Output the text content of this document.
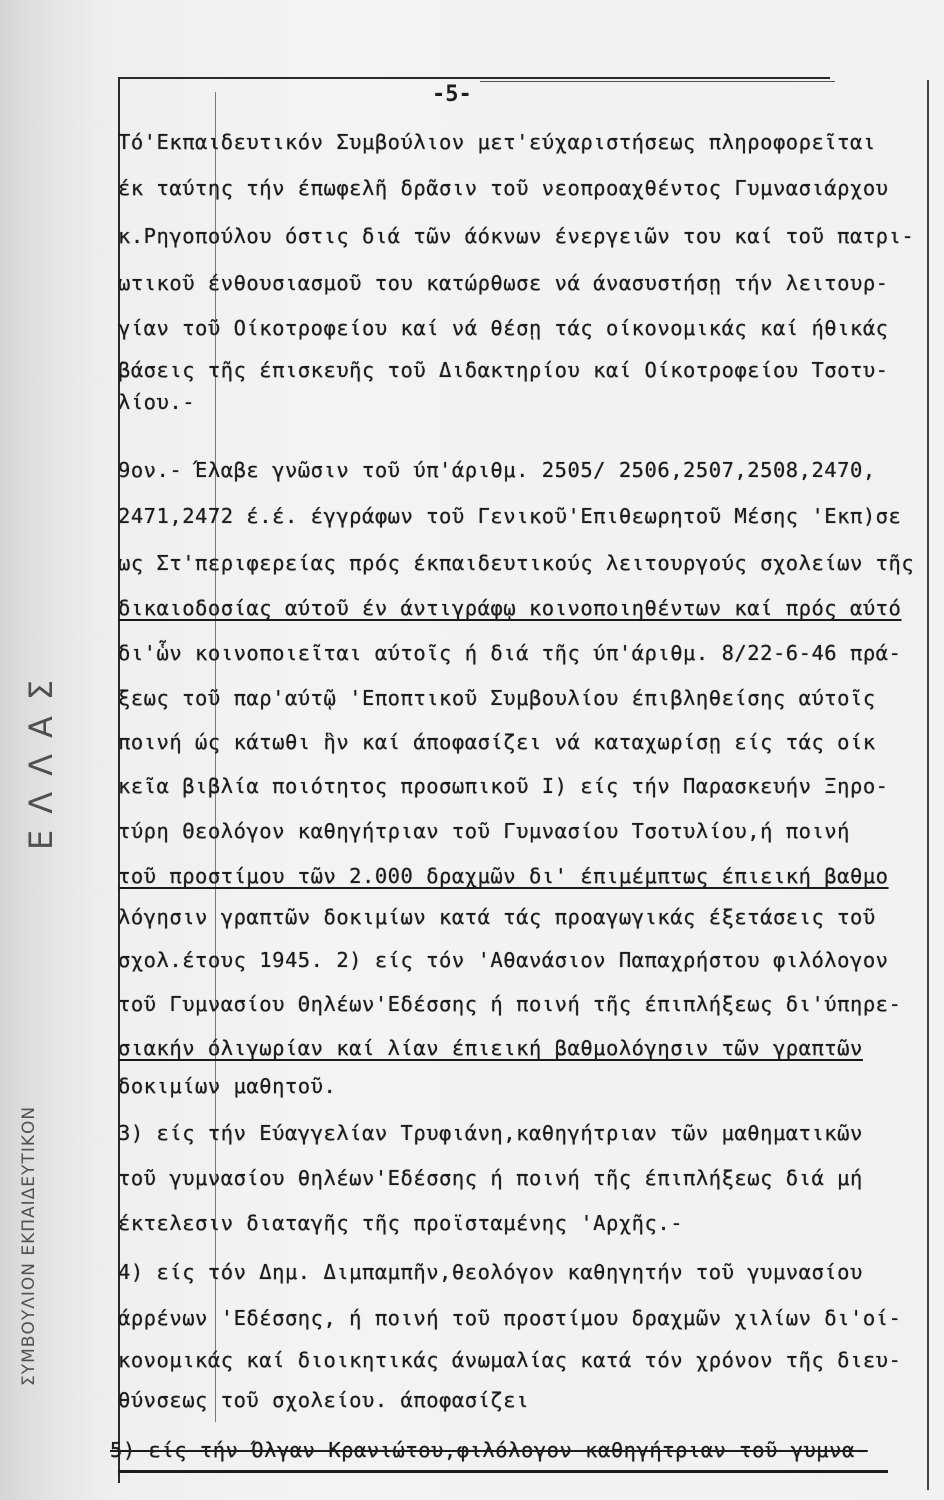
ΕΛΛΑΣ
ΣΥΜΒΟΥΛΙΟΝ ΕΚΠΑΙΔΕΥΤΙΚΟΝ
-5-
Τό'Εκπαιδευτικόν Συμβούλιον μετ'εύχαριστήσεως πληροφορεῖται
έκ ταύτης τήν έπωφελῆ δρᾶσιν τοῦ νεοπροαχθέντος Γυμνασιάρχου
κ.Ρηγοπούλου όστις διά τῶν άόκνων ένεργειῶν του καί τοῦ πατρι-
ωτικοῦ ένθουσιασμοῦ του κατώρθωσε νά άνασυστήσῃ τήν λειτουρ-
γίαν τοῦ Οίκοτροφείου καί νά θέσῃ τάς οίκονομικάς καί ήθικάς
βάσεις τῆς έπισκευῆς τοῦ Διδακτηρίου καί Οίκοτροφείου Τσοτυ-
λίου.-
9ον.- Έλαβε γνῶσιν τοῦ ύπ'άριθμ. 2505/ 2506,2507,2508,2470,
2471,2472 έ.έ. έγγράφων τοῦ Γενικοῦ'Επιθεωρητοῦ Μέσης 'Εκπ)σε
ως Στ'περιφερείας πρός έκπαιδευτικούς λειτουργούς σχολείων τῆς
δικαιοδοσίας αύτοῦ έν άντιγράφῳ κοινοποιηθέντων καί πρός αύτό
δι'ὧν κοινοποιεῖται αύτοῖς ή διά τῆς ύπ'άριθμ. 8/22-6-46 πρά-
ξεως τοῦ παρ'αύτῷ 'Εποπτικοῦ Συμβουλίου έπιβληθείσης αύτοῖς
ποινή ώς κάτωθι ἣν καί άποφασίζει νά καταχωρίσῃ είς τάς οίκ
κεῖα βιβλία ποιότητος προσωπικοῦ Ι) είς τήν Παρασκευήν Ξηρο-
τύρη Θεολόγον καθηγήτριαν τοῦ Γυμνασίου Τσοτυλίου,ή ποινή
τοῦ προστίμου τῶν 2.000 δραχμῶν δι' έπιμέμπτως έπιεική βαθμο
λόγησιν γραπτῶν δοκιμίων κατά τάς προαγωγικάς έξετάσεις τοῦ
σχολ.έτους 1945. 2) είς τόν 'Αθανάσιον Παπαχρήστου φιλόλογον
τοῦ Γυμνασίου Θηλέων'Εδέσσης ή ποινή τῆς έπιπλήξεως δι'ύπηρε-
σιακήν όλιγωρίαν καί λίαν έπιεική βαθμολόγησιν τῶν γραπτῶν
δοκιμίων μαθητοῦ.
3) είς τήν Εύαγγελίαν Τρυφιάνη,καθηγήτριαν τῶν μαθηματικῶν
τοῦ γυμνασίου θηλέων'Εδέσσης ή ποινή τῆς έπιπλήξεως διά μή
έκτελεσιν διαταγῆς τῆς προϊσταμένης 'Αρχῆς.-
4) είς τόν Δημ. Διμπαμπῆν,θεολόγον καθηγητήν τοῦ γυμνασίου
άρρένων 'Εδέσσης, ή ποινή τοῦ προστίμου δραχμῶν χιλίων δι'οί-
κονομικάς καί διοικητικάς άνωμαλίας κατά τόν χρόνον τῆς διευ-
θύνσεως τοῦ σχολείου. άποφασίζει
5) είς τήν Όλγαν Κρανιώτου,φιλόλογον καθηγήτριαν τοῦ γυμνα-
